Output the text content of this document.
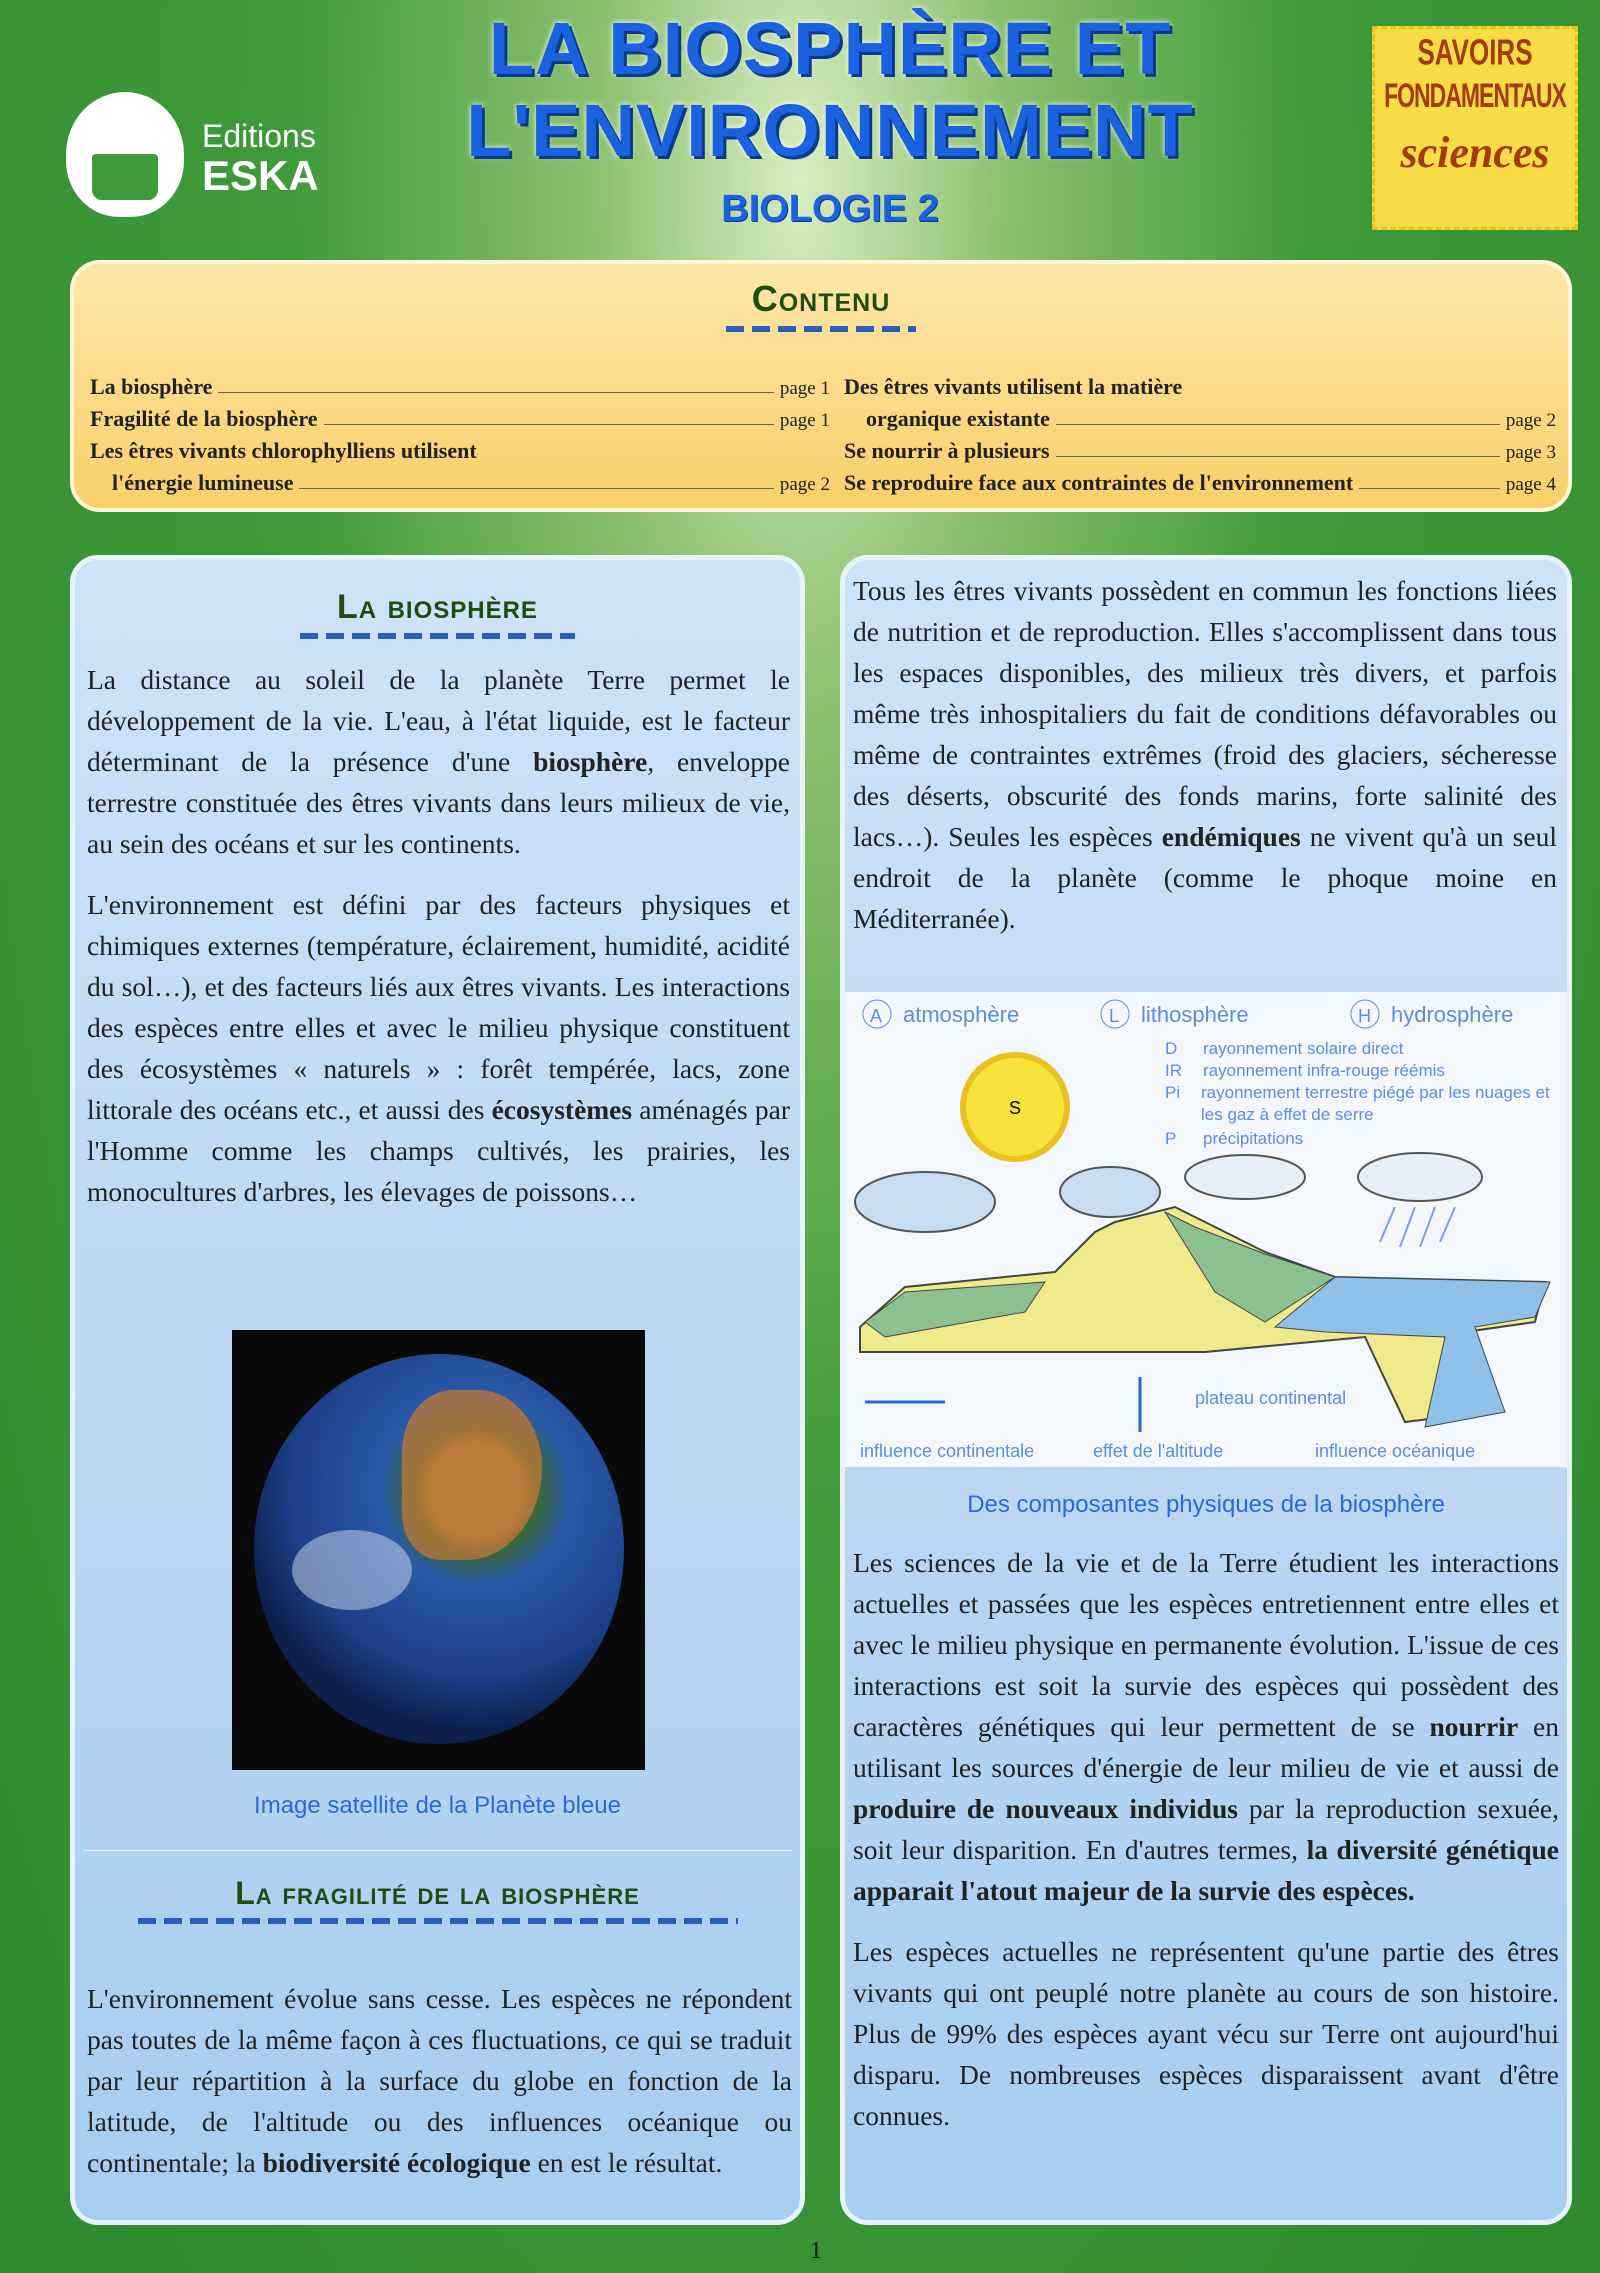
Editions
ESKA
LA BIOSPHÈRE ET
L'ENVIRONNEMENT
BIOLOGIE 2
SAVOIRS
FONDAMENTAUX
sciences
Contenu
La biosphère	page 1
Fragilité de la biosphère	page 1
Les êtres vivants chlorophylliens utilisent
l'énergie lumineuse	page 2
Des êtres vivants utilisent la matière
organique existante	page 2
Se nourrir à plusieurs	page 3
Se reproduire face aux contraintes de l'environnement	page 4
La biosphère

La distance au soleil de la planète Terre permet le développement de la vie. L'eau, à l'état liquide, est le facteur déterminant de la présence d'une biosphère, enveloppe terrestre constituée des êtres vivants dans leurs milieux de vie, au sein des océans et sur les continents.

L'environnement est défini par des facteurs physiques et chimiques externes (température, éclairement, humidité, acidité du sol…), et des facteurs liés aux êtres vivants. Les interactions des espèces entre elles et avec le milieu physique constituent des écosystèmes « naturels » : forêt tempérée, lacs, zone littorale des océans etc., et aussi des écosystèmes aménagés par l'Homme comme les champs cultivés, les prairies, les monocultures d'arbres, les élevages de poissons…

Image satellite de la Planète bleue
La fragilité de la biosphère

L'environnement évolue sans cesse. Les espèces ne répondent pas toutes de la même façon à ces fluctuations, ce qui se traduit par leur répartition à la surface du globe en fonction de la latitude, de l'altitude ou des influences océanique ou continentale; la biodiversité écologique en est le résultat.

Tous les êtres vivants possèdent en commun les fonctions liées de nutrition et de reproduction. Elles s'accomplissent dans tous les espaces disponibles, des milieux très divers, et parfois même très inhospitaliers du fait de conditions défavorables ou même de contraintes extrêmes (froid des glaciers, sécheresse des déserts, obscurité des fonds marins, forte salinité des lacs…). Seules les espèces endémiques ne vivent qu'à un seul endroit de la planète (comme le phoque moine en Méditerranée).

A atmosphère	L lithosphère	H hydrosphère
D rayonnement solaire direct
IR rayonnement infra-rouge réémis
Pi rayonnement terrestre piégé par les nuages et les gaz à effet de serre
P précipitations
S
plateau continental
influence continentale	effet de l'altitude	influence océanique
Des composantes physiques de la biosphère

Les sciences de la vie et de la Terre étudient les interactions actuelles et passées que les espèces entretiennent entre elles et avec le milieu physique en permanente évolution. L'issue de ces interactions est soit la survie des espèces qui possèdent des caractères génétiques qui leur permettent de se nourrir en utilisant les sources d'énergie de leur milieu de vie et aussi de produire de nouveaux individus par la reproduction sexuée, soit leur disparition. En d'autres termes, la diversité génétique apparait l'atout majeur de la survie des espèces.

Les espèces actuelles ne représentent qu'une partie des êtres vivants qui ont peuplé notre planète au cours de son histoire. Plus de 99% des espèces ayant vécu sur Terre ont aujourd'hui disparu. De nombreuses espèces disparaissent avant d'être connues.

1
